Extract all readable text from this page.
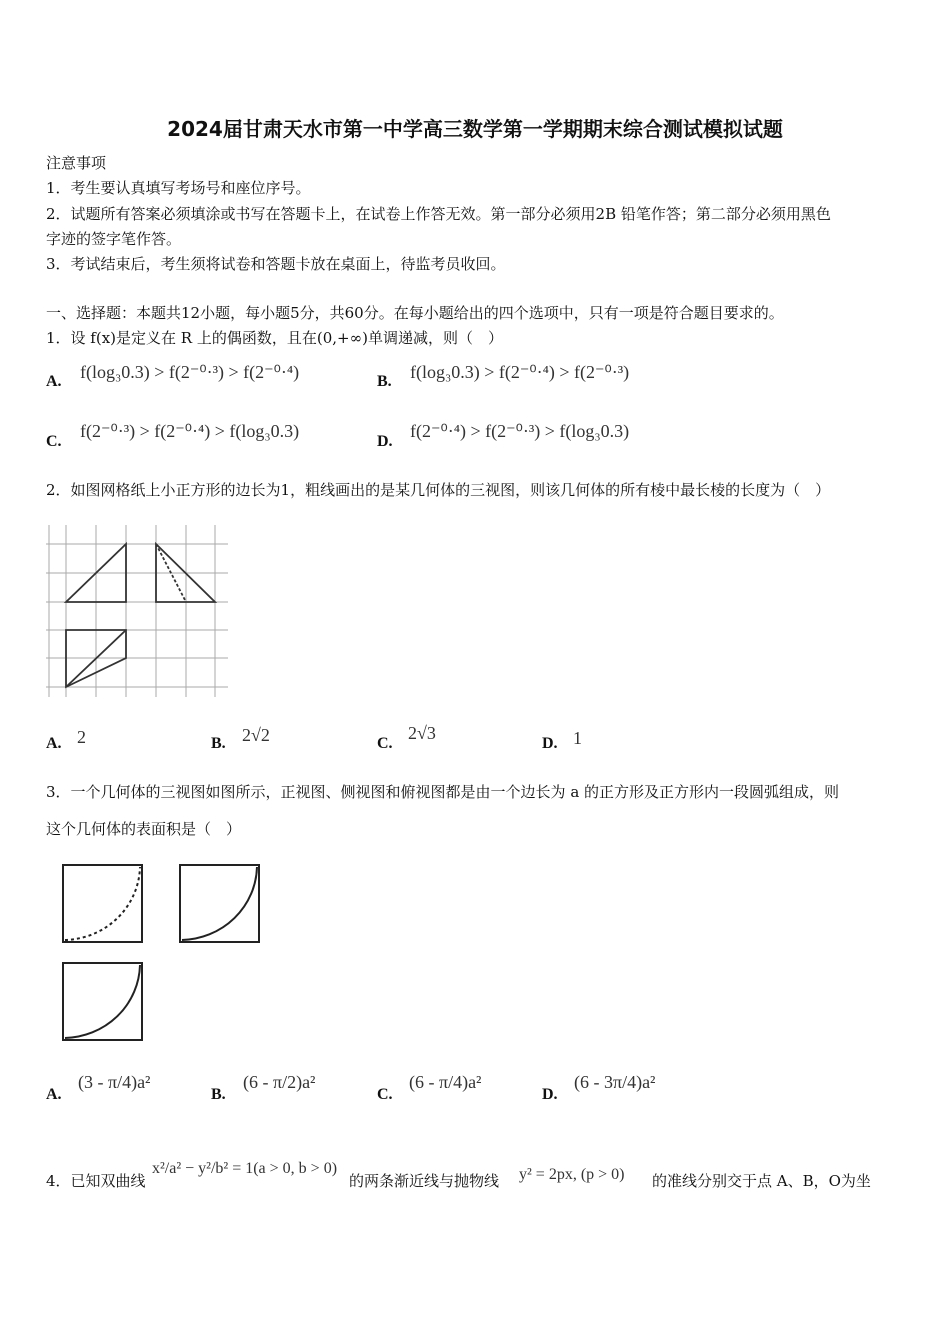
2024届甘肃天水市第一中学高三数学第一学期期末综合测试模拟试题
注意事项
1．考生要认真填写考场号和座位序号。
2．试题所有答案必须填涂或书写在答题卡上，在试卷上作答无效。第一部分必须用2B 铅笔作答；第二部分必须用黑色
字迹的签字笔作答。
3．考试结束后，考生须将试卷和答题卡放在桌面上，待监考员收回。
一、选择题：本题共12小题，每小题5分，共60分。在每小题给出的四个选项中，只有一项是符合题目要求的。
1．设 f(x)是定义在 R 上的偶函数，且在(0,+∞)单调递减，则（　）
A. f(log₃0.3) > f(2⁻⁰·³) > f(2⁻⁰·⁴)	B. f(log₃0.3) > f(2⁻⁰·⁴) > f(2⁻⁰·³)
C.
f(2⁻⁰·³) > f(2⁻⁰·⁴) > f(log₃0.3)
D.
f(2⁻⁰·⁴) > f(2⁻⁰·³) > f(log₃0.3)
2．如图网格纸上小正方形的边长为1，粗线画出的是某几何体的三视图，则该几何体的所有棱中最长棱的长度为（　）
A. 2	B. 2√2	C.
2√3
D. 1
3．一个几何体的三视图如图所示，正视图、侧视图和俯视图都是由一个边长为 a 的正方形及正方形内一段圆弧组成，则
这个几何体的表面积是（　）
A.
(3 - π/4)a²
B.
(6 - π/2)a²
C.
(6 - π/4)a²
D.
(6 - 3π/4)a²
4．已知双曲线
x²/a² − y²/b² = 1(a > 0, b > 0)
的两条渐近线与抛物线 y² = 2px, (p > 0) 的准线分别交于点 A、B，O为坐
